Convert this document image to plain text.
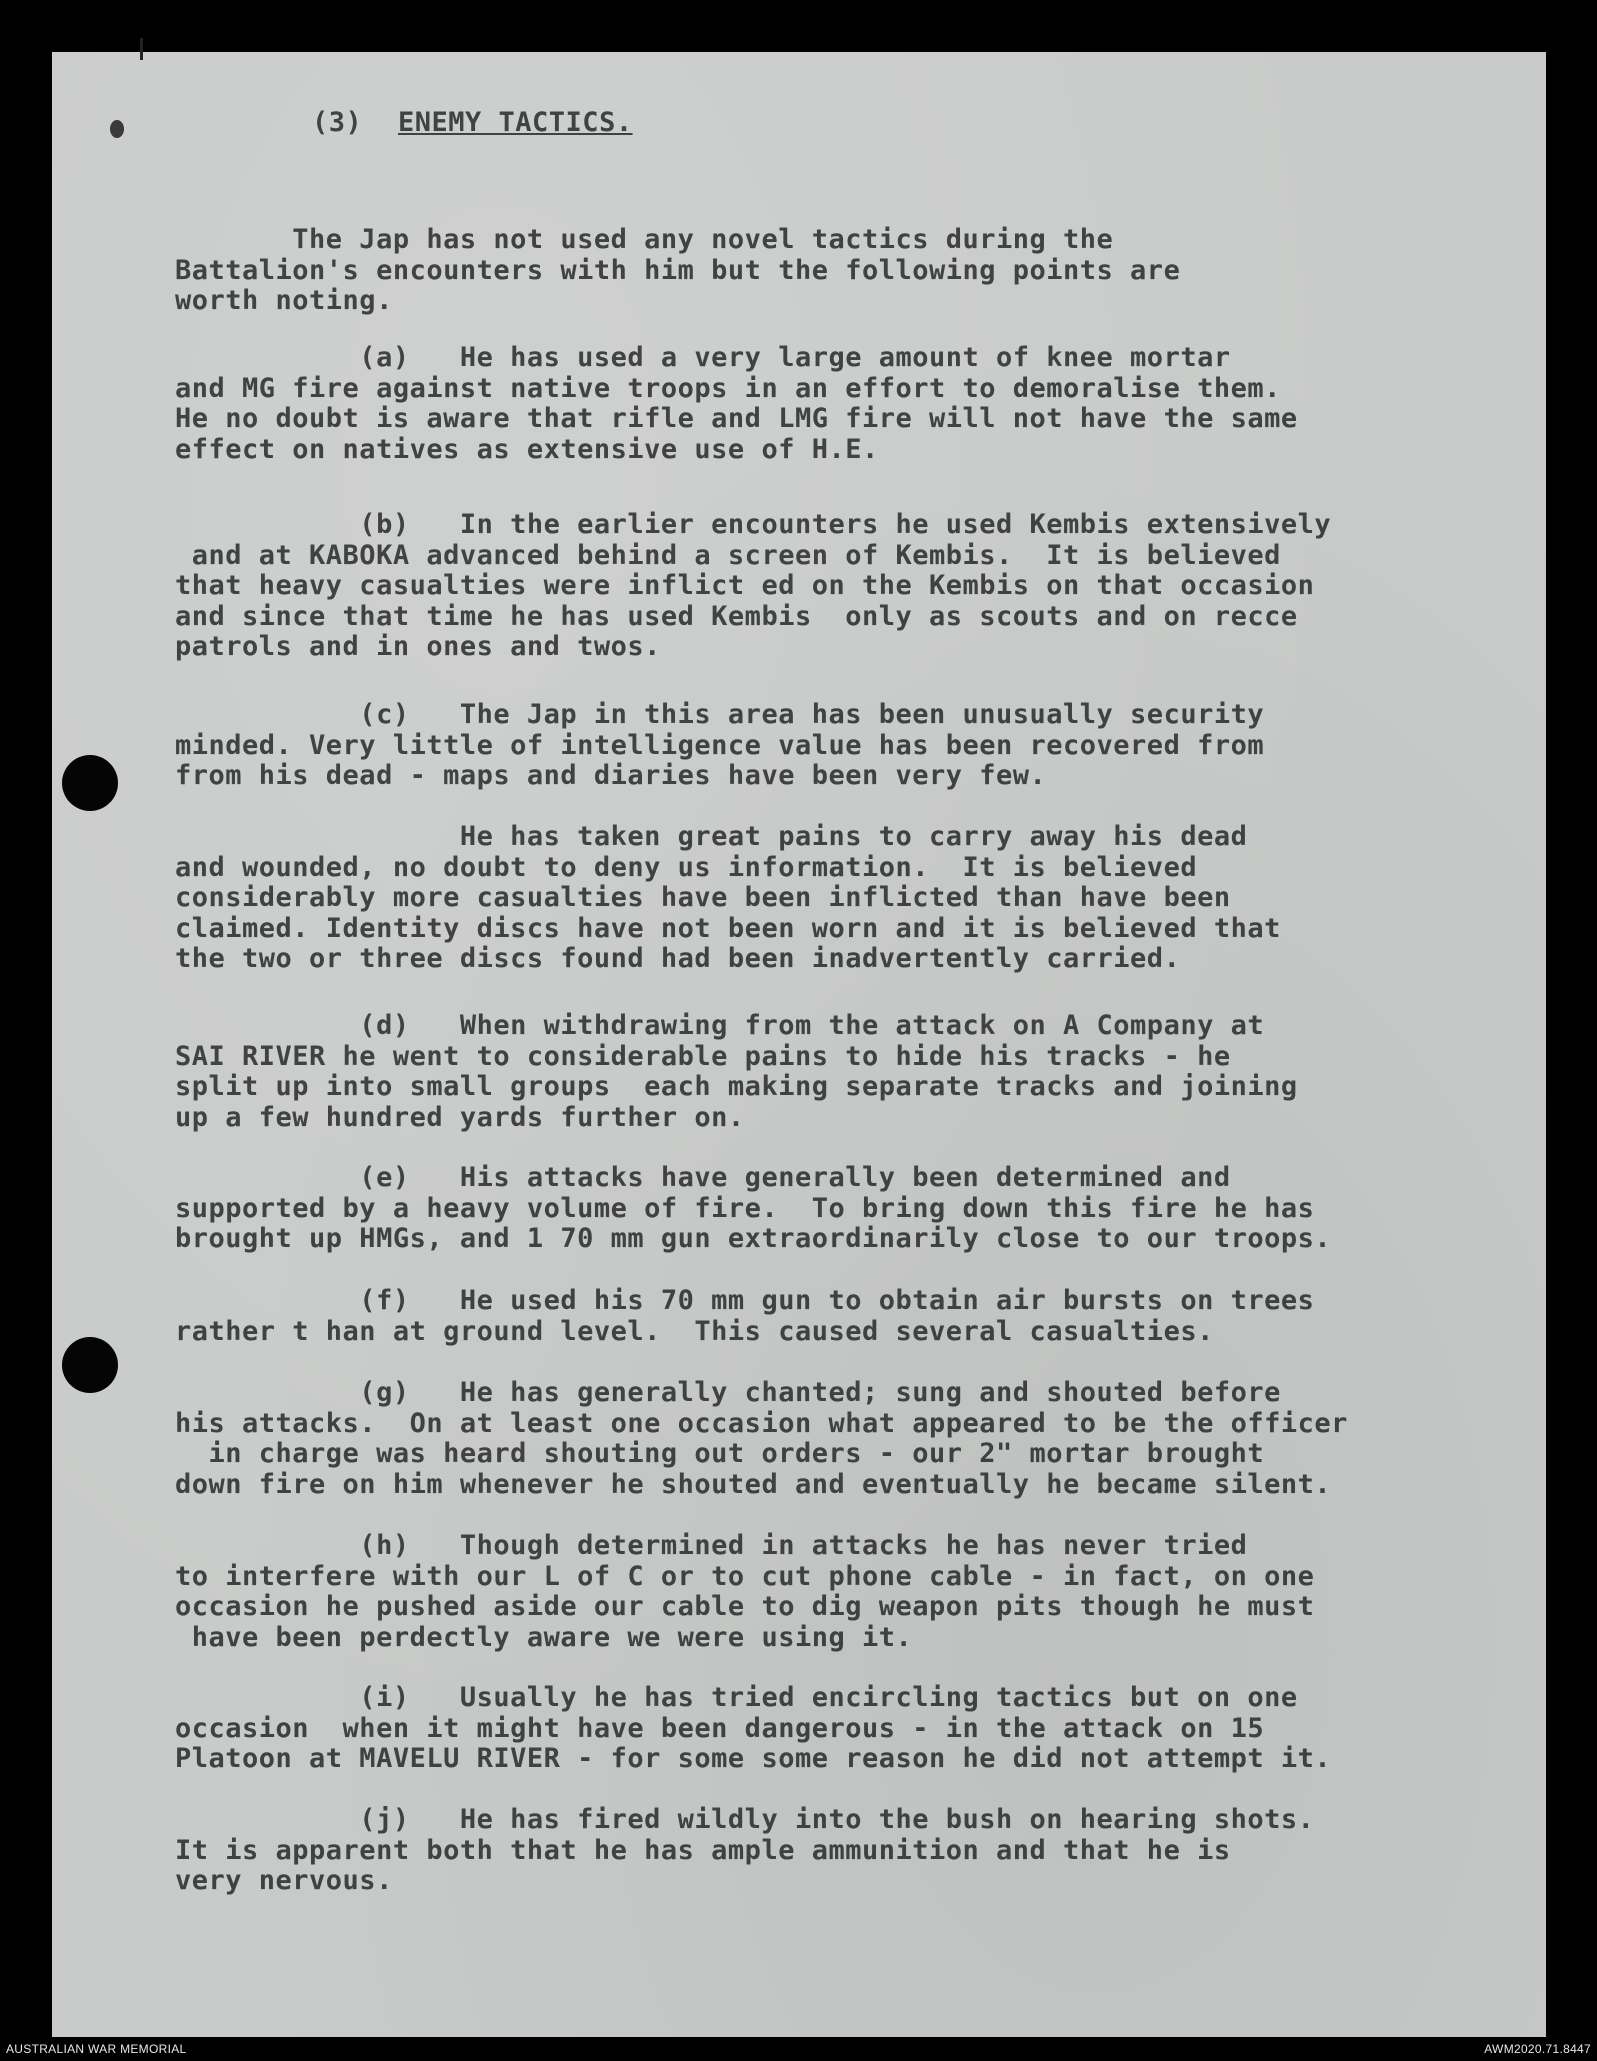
(3) ENEMY TACTICS.
The Jap has not used any novel tactics during the
Battalion's encounters with him but the following points are
worth noting.
(a)   He has used a very large amount of knee mortar
and MG fire against native troops in an effort to demoralise them.
He no doubt is aware that rifle and LMG fire will not have the same
effect on natives as extensive use of H.E.
(b)   In the earlier encounters he used Kembis extensively
and at KABOKA advanced behind a screen of Kembis.  It is believed
that heavy casualties were inflict ed on the Kembis on that occasion
and since that time he has used Kembis  only as scouts and on recce
patrols and in ones and twos.
(c)   The Jap in this area has been unusually security
minded. Very little of intelligence value has been recovered from
from his dead - maps and diaries have been very few.
He has taken great pains to carry away his dead
and wounded, no doubt to deny us information.  It is believed
considerably more casualties have been inflicted than have been
claimed. Identity discs have not been worn and it is believed that
the two or three discs found had been inadvertently carried.
(d)   When withdrawing from the attack on A Company at
SAI RIVER he went to considerable pains to hide his tracks - he
split up into small groups  each making separate tracks and joining
up a few hundred yards further on.
(e)   His attacks have generally been determined and
supported by a heavy volume of fire.  To bring down this fire he has
brought up HMGs, and 1 70 mm gun extraordinarily close to our troops.
(f)   He used his 70 mm gun to obtain air bursts on trees
rather t han at ground level.  This caused several casualties.
(g)   He has generally chanted; sung and shouted before
his attacks.  On at least one occasion what appeared to be the officer
in charge was heard shouting out orders - our 2" mortar brought
down fire on him whenever he shouted and eventually he became silent.
(h)   Though determined in attacks he has never tried
to interfere with our L of C or to cut phone cable - in fact, on one
occasion he pushed aside our cable to dig weapon pits though he must
have been perdectly aware we were using it.
(i)   Usually he has tried encircling tactics but on one
occasion  when it might have been dangerous - in the attack on 15
Platoon at MAVELU RIVER - for some some reason he did not attempt it.
(j)   He has fired wildly into the bush on hearing shots.
It is apparent both that he has ample ammunition and that he is
very nervous.
AUSTRALIAN WAR MEMORIAL	AWM2020.71.8447
